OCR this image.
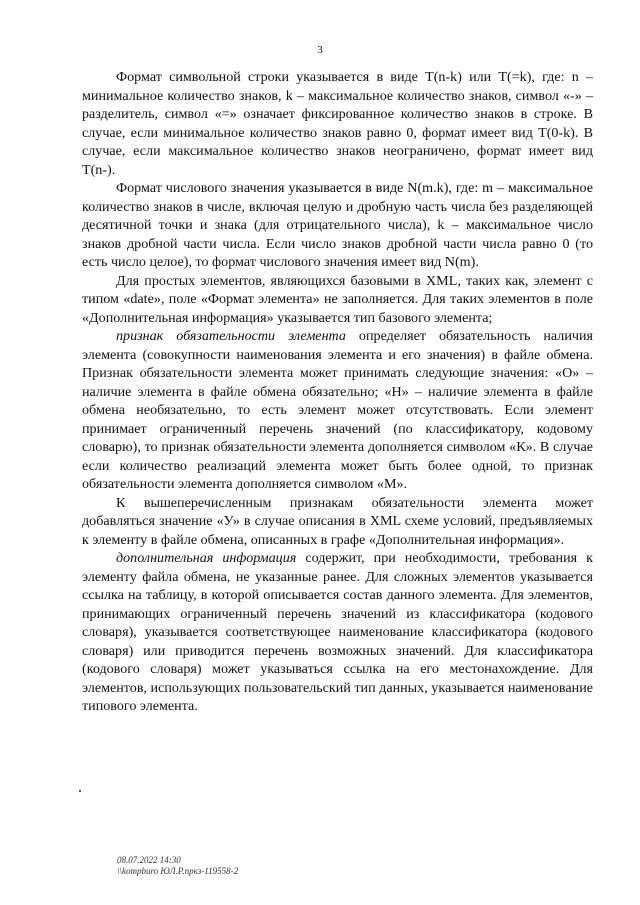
3

Формат символьной строки указывается в виде T(n-k) или T(=k), где: n – минимальное количество знаков, k – максимальное количество знаков, символ «-» – разделитель, символ «=» означает фиксированное количество знаков в строке. В случае, если минимальное количество знаков равно 0, формат имеет вид T(0-k). В случае, если максимальное количество знаков неограничено, формат имеет вид T(n-).

Формат числового значения указывается в виде N(m.k), где: m – максимальное количество знаков в числе, включая целую и дробную часть числа без разделяющей десятичной точки и знака (для отрицательного числа), k – максимальное число знаков дробной части числа. Если число знаков дробной части числа равно 0 (то есть число целое), то формат числового значения имеет вид N(m).

Для простых элементов, являющихся базовыми в XML, таких как, элемент с типом «date», поле «Формат элемента» не заполняется. Для таких элементов в поле «Дополнительная информация» указывается тип базового элемента;

признак обязательности элемента определяет обязательность наличия элемента (совокупности наименования элемента и его значения) в файле обмена. Признак обязательности элемента может принимать следующие значения: «О» – наличие элемента в файле обмена обязательно; «Н» – наличие элемента в файле обмена необязательно, то есть элемент может отсутствовать. Если элемент принимает ограниченный перечень значений (по классификатору, кодовому словарю), то признак обязательности элемента дополняется символом «К». В случае если количество реализаций элемента может быть более одной, то признак обязательности элемента дополняется символом «М».

К вышеперечисленным признакам обязательности элемента может добавляться значение «У» в случае описания в XML схеме условий, предъявляемых к элементу в файле обмена, описанных в графе «Дополнительная информация».

дополнительная информация содержит, при необходимости, требования к элементу файла обмена, не указанные ранее. Для сложных элементов указывается ссылка на таблицу, в которой описывается состав данного элемента. Для элементов, принимающих ограниченный перечень значений из классификатора (кодового словаря), указывается соответствующее наименование классификатора (кодового словаря) или приводится перечень возможных значений. Для классификатора (кодового словаря) может указываться ссылка на его местонахождение. Для элементов, использующих пользовательский тип данных, указывается наименование типового элемента.

08.07.2022 14:30
\\kompburo ЮЛ.Р.пркз-119558-2
